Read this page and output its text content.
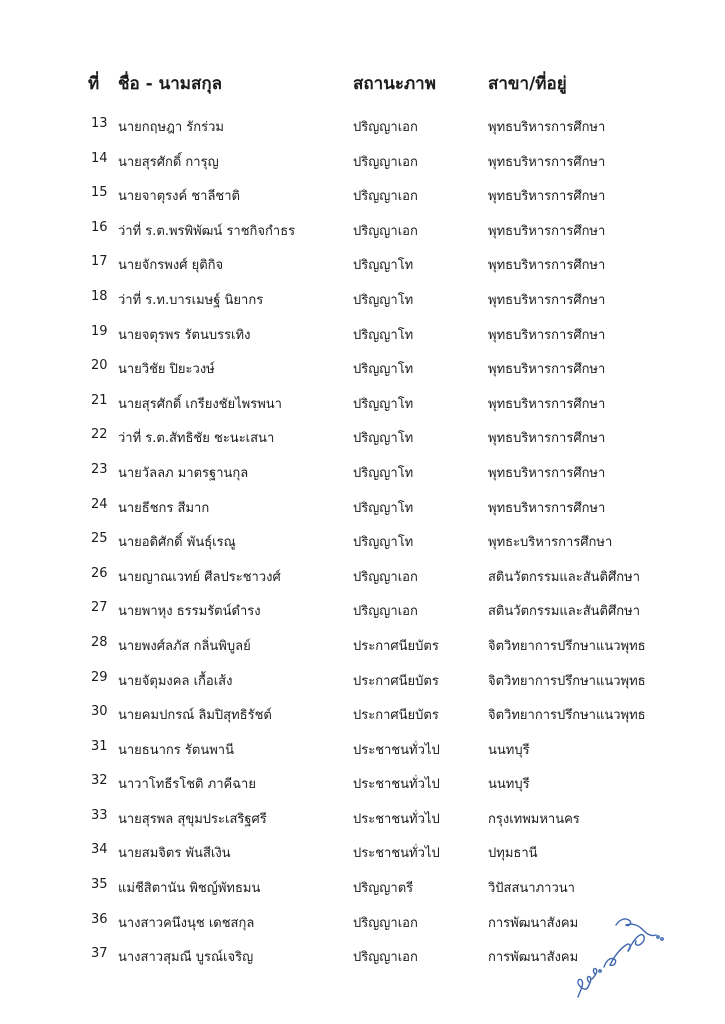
ที่ ชื่อ - นามสกุล	สถานะภาพ	สาขา/ที่อยู่
13 นายกฤษฎา รักร่วม	ปริญญาเอก	พุทธบริหารการศึกษา
14 นายสุรศักดิ์ การุญ	ปริญญาเอก	พุทธบริหารการศึกษา
15 นายจาตุรงค์ ชาลีชาติ	ปริญญาเอก	พุทธบริหารการศึกษา
16 ว่าที่ ร.ต.พรพิพัฒน์ ราชกิจกำธร	ปริญญาเอก	พุทธบริหารการศึกษา
17 นายจักรพงศ์ ยุติกิจ	ปริญญาโท	พุทธบริหารการศึกษา
18 ว่าที่ ร.ท.บารเมษฐ์ นิยากร	ปริญญาโท	พุทธบริหารการศึกษา
19 นายจตุรพร รัตนบรรเทิง	ปริญญาโท	พุทธบริหารการศึกษา
20 นายวิชัย ปิยะวงษ์	ปริญญาโท	พุทธบริหารการศึกษา
21 นายสุรศักดิ์ เกรียงชัยไพรพนา	ปริญญาโท	พุทธบริหารการศึกษา
22 ว่าที่ ร.ต.สัทธิชัย ชะนะเสนา	ปริญญาโท	พุทธบริหารการศึกษา
23 นายวัลลภ มาตรฐานกุล	ปริญญาโท	พุทธบริหารการศึกษา
24 นายธีชกร สีมาก	ปริญญาโท	พุทธบริหารการศึกษา
25 นายอดิศักดิ์ พันธุ์เรณู	ปริญญาโท	พุทธะบริหารการศึกษา
26 นายญาณเวทย์ ศีลประชาวงศ์	ปริญญาเอก	สตินวัตกรรมและสันติศึกษา
27 นายพาหุง ธรรมรัตน์ดำรง	ปริญญาเอก	สตินวัตกรรมและสันติศึกษา
28 นายพงศ์ลภัส กลิ่นพิบูลย์	ประกาศนียบัตร	จิตวิทยาการปรึกษาแนวพุทธ
29 นายจัตุมงคล เกื้อเส้ง	ประกาศนียบัตร	จิตวิทยาการปรึกษาแนวพุทธ
30 นายคมปกรณ์ ลิมปิสุทธิรัชต์	ประกาศนียบัตร	จิตวิทยาการปรึกษาแนวพุทธ
31 นายธนากร รัตนพานี	ประชาชนทั่วไป	นนทบุรี
32 นาวาโทธีรโชติ ภาคีฉาย	ประชาชนทั่วไป	นนทบุรี
33 นายสุรพล สุขุมประเสริฐศรี	ประชาชนทั่วไป	กรุงเทพมหานคร
34 นายสมจิตร พันสีเงิน	ประชาชนทั่วไป	ปทุมธานี
35 แม่ชีสิตานัน พิชญ์พัทธมน	ปริญญาตรี	วิปัสสนาภาวนา
36 นางสาวคนึงนุช เดชสกุล	ปริญญาเอก	การพัฒนาสังคม
37 นางสาวสุมณี บูรณ์เจริญ	ปริญญาเอก	การพัฒนาสังคม
ดล. ภูพิศณ์
